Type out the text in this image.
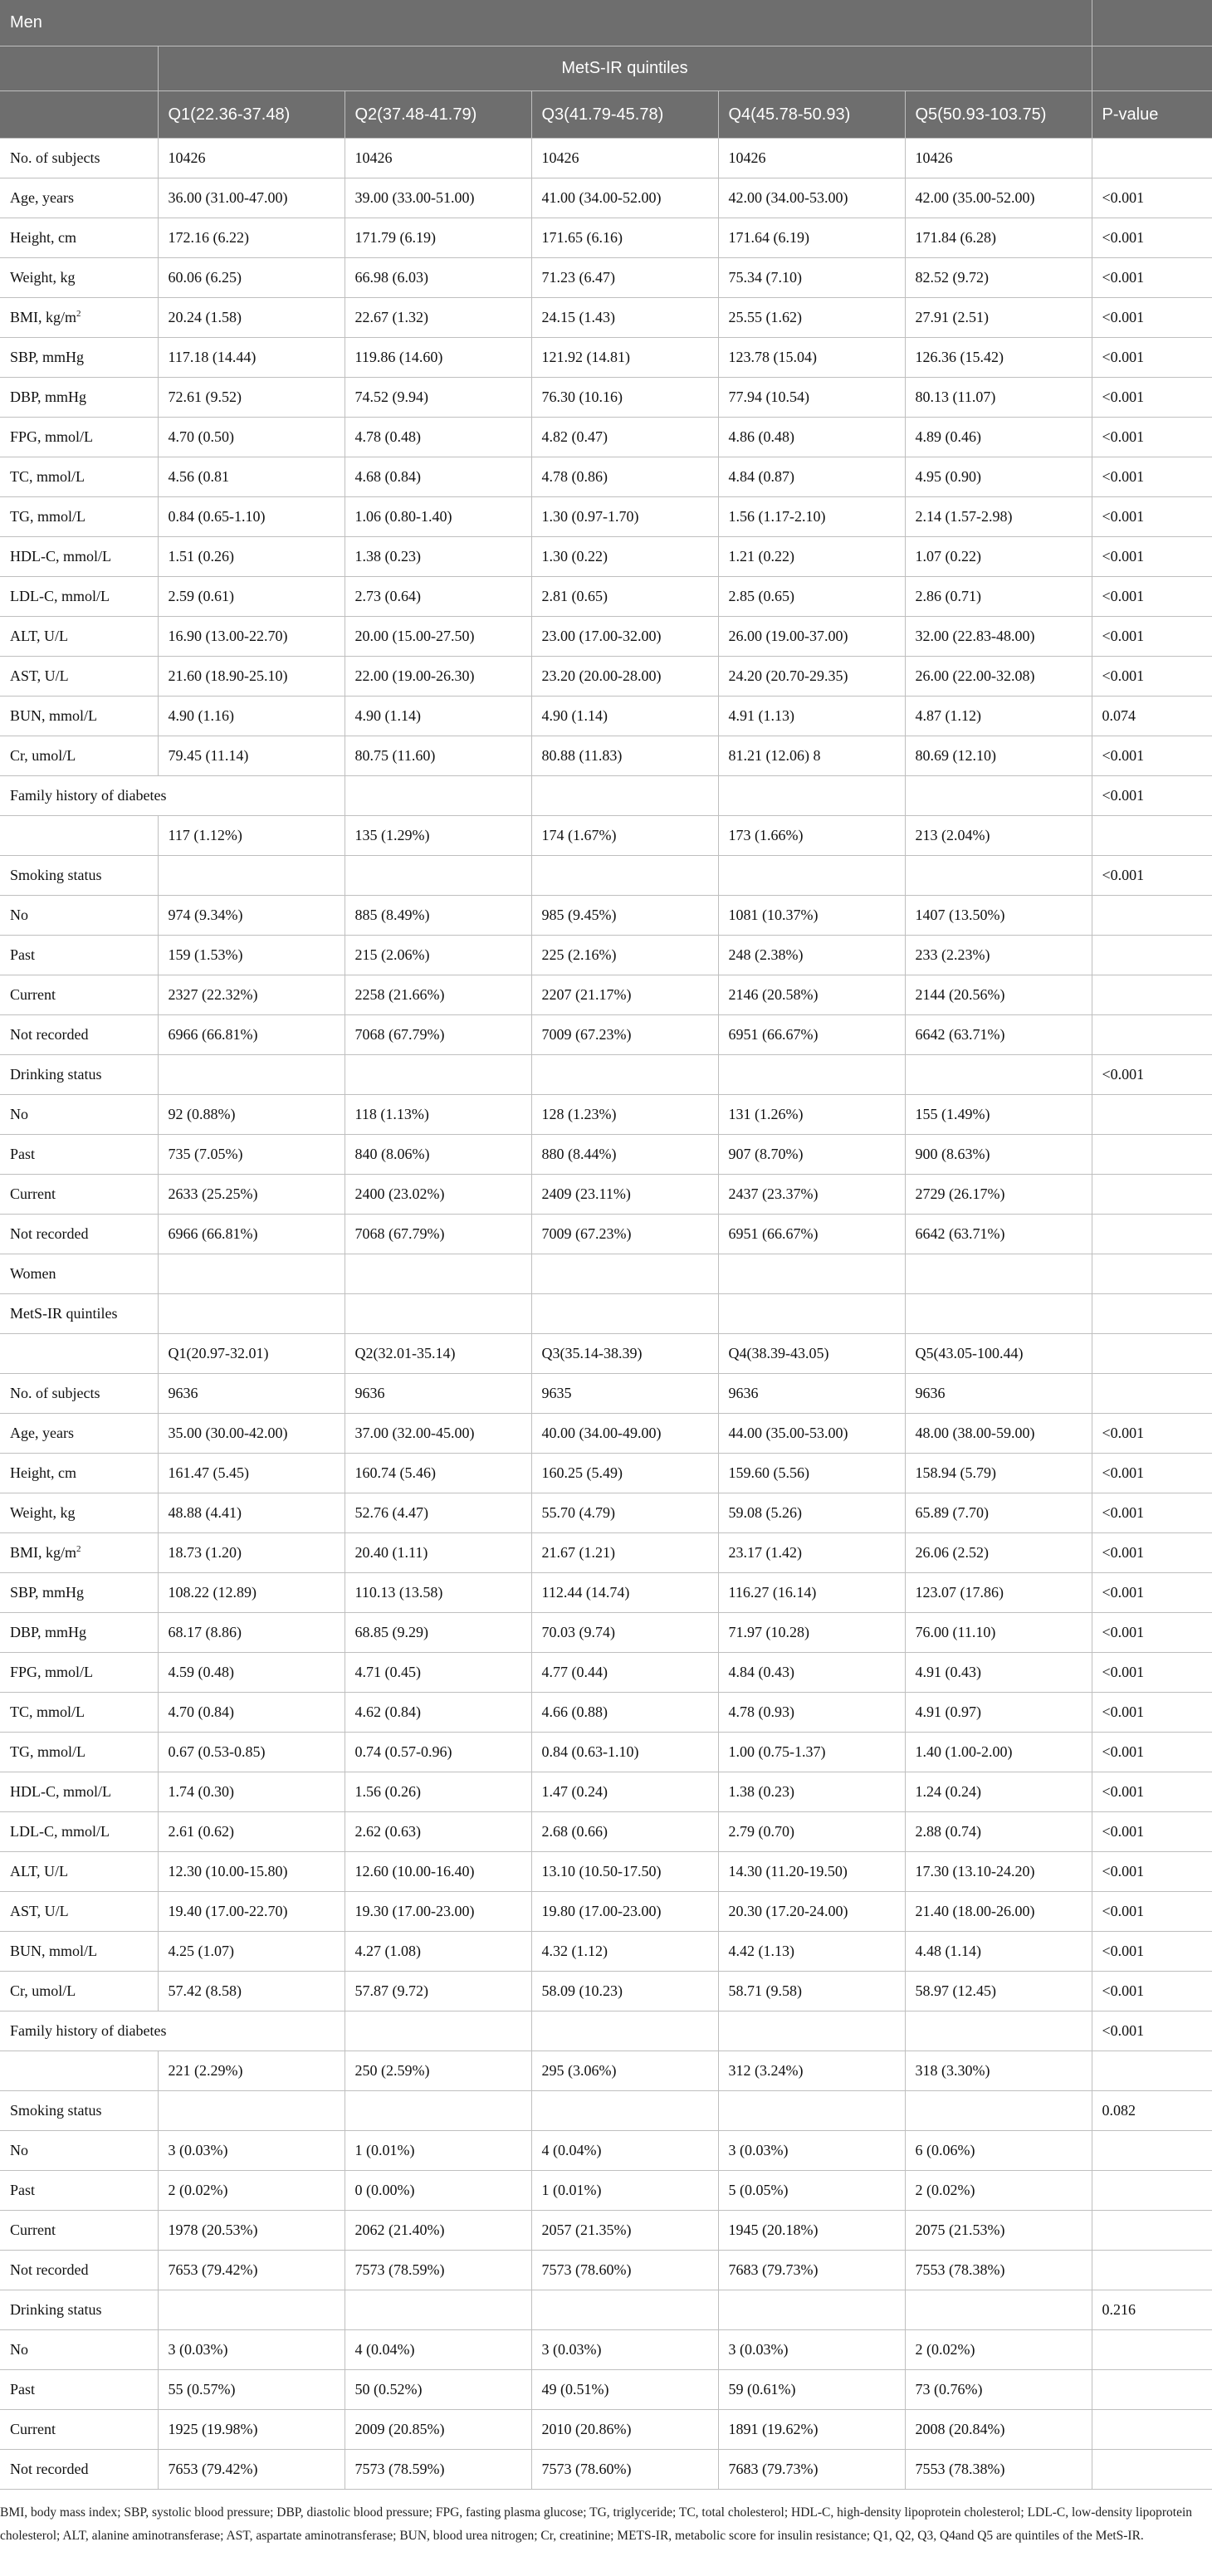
Men						
	MetS-IR quintiles					
	Q1(22.36-37.48)	Q2(37.48-41.79)	Q3(41.79-45.78)	Q4(45.78-50.93)	Q5(50.93-103.75)	P-value
No. of subjects	10426	10426	10426	10426	10426	
Age, years	36.00 (31.00-47.00)	39.00 (33.00-51.00)	41.00 (34.00-52.00)	42.00 (34.00-53.00)	42.00 (35.00-52.00)	<0.001
Height, cm	172.16 (6.22)	171.79 (6.19)	171.65 (6.16)	171.64 (6.19)	171.84 (6.28)	<0.001
Weight, kg	60.06 (6.25)	66.98 (6.03)	71.23 (6.47)	75.34 (7.10)	82.52 (9.72)	<0.001
BMI, $kg/m^2$	20.24 (1.58)	22.67 (1.32)	24.15 (1.43)	25.55 (1.62)	27.91 (2.51)	<0.001
SBP, mmHg	117.18 (14.44)	119.86 (14.60)	121.92 (14.81)	123.78 (15.04)	126.36 (15.42)	<0.001
DBP, mmHg	72.61 (9.52)	74.52 (9.94)	76.30 (10.16)	77.94 (10.54)	80.13 (11.07)	<0.001
FPG, mmol/L	4.70 (0.50)	4.78 (0.48)	4.82 (0.47)	4.86 (0.48)	4.89 (0.46)	<0.001
TC, mmol/L	4.56 (0.81	4.68 (0.84)	4.78 (0.86)	4.84 (0.87)	4.95 (0.90)	<0.001
TG, mmol/L	0.84 (0.65-1.10)	1.06 (0.80-1.40)	1.30 (0.97-1.70)	1.56 (1.17-2.10)	2.14 (1.57-2.98)	<0.001
HDL-C, mmol/L	1.51 (0.26)	1.38 (0.23)	1.30 (0.22)	1.21 (0.22)	1.07 (0.22)	<0.001
LDL-C, mmol/L	2.59 (0.61)	2.73 (0.64)	2.81 (0.65)	2.85 (0.65)	2.86 (0.71)	<0.001
ALT, U/L	16.90 (13.00-22.70)	20.00 (15.00-27.50)	23.00 (17.00-32.00)	26.00 (19.00-37.00)	32.00 (22.83-48.00)	<0.001
AST, U/L	21.60 (18.90-25.10)	22.00 (19.00-26.30)	23.20 (20.00-28.00)	24.20 (20.70-29.35)	26.00 (22.00-32.08)	<0.001
BUN, mmol/L	4.90 (1.16)	4.90 (1.14)	4.90 (1.14)	4.91 (1.13)	4.87 (1.12)	0.074
Cr, umol/L	79.45 (11.14)	80.75 (11.60)	80.88 (11.83)	81.21 (12.06) 8	80.69 (12.10)	<0.001
Family history of diabetes						<0.001
	117 (1.12%)	135 (1.29%)	174 (1.67%)	173 (1.66%)	213 (2.04%)	
Smoking status						<0.001
No	974 (9.34%)	885 (8.49%)	985 (9.45%)	1081 (10.37%)	1407 (13.50%)	
Past	159 (1.53%)	215 (2.06%)	225 (2.16%)	248 (2.38%)	233 (2.23%)	
Current	2327 (22.32%)	2258 (21.66%)	2207 (21.17%)	2146 (20.58%)	2144 (20.56%)	
Not recorded	6966 (66.81%)	7068 (67.79%)	7009 (67.23%)	6951 (66.67%)	6642 (63.71%)	
Drinking status						<0.001
No	92 (0.88%)	118 (1.13%)	128 (1.23%)	131 (1.26%)	155 (1.49%)	
Past	735 (7.05%)	840 (8.06%)	880 (8.44%)	907 (8.70%)	900 (8.63%)	
Current	2633 (25.25%)	2400 (23.02%)	2409 (23.11%)	2437 (23.37%)	2729 (26.17%)	
Not recorded	6966 (66.81%)	7068 (67.79%)	7009 (67.23%)	6951 (66.67%)	6642 (63.71%)	
Women						
MetS-IR quintiles						
	Q1(20.97-32.01)	Q2(32.01-35.14)	Q3(35.14-38.39)	Q4(38.39-43.05)	Q5(43.05-100.44)	
No. of subjects	9636	9636	9635	9636	9636	
Age, years	35.00 (30.00-42.00)	37.00 (32.00-45.00)	40.00 (34.00-49.00)	44.00 (35.00-53.00)	48.00 (38.00-59.00)	<0.001
Height, cm	161.47 (5.45)	160.74 (5.46)	160.25 (5.49)	159.60 (5.56)	158.94 (5.79)	<0.001
Weight, kg	48.88 (4.41)	52.76 (4.47)	55.70 (4.79)	59.08 (5.26)	65.89 (7.70)	<0.001
BMI, $kg/m^2$	18.73 (1.20)	20.40 (1.11)	21.67 (1.21)	23.17 (1.42)	26.06 (2.52)	<0.001
SBP, mmHg	108.22 (12.89)	110.13 (13.58)	112.44 (14.74)	116.27 (16.14)	123.07 (17.86)	<0.001
DBP, mmHg	68.17 (8.86)	68.85 (9.29)	70.03 (9.74)	71.97 (10.28)	76.00 (11.10)	<0.001
FPG, mmol/L	4.59 (0.48)	4.71 (0.45)	4.77 (0.44)	4.84 (0.43)	4.91 (0.43)	<0.001
TC, mmol/L	4.70 (0.84)	4.62 (0.84)	4.66 (0.88)	4.78 (0.93)	4.91 (0.97)	<0.001
TG, mmol/L	0.67 (0.53-0.85)	0.74 (0.57-0.96)	0.84 (0.63-1.10)	1.00 (0.75-1.37)	1.40 (1.00-2.00)	<0.001
HDL-C, mmol/L	1.74 (0.30)	1.56 (0.26)	1.47 (0.24)	1.38 (0.23)	1.24 (0.24)	<0.001
LDL-C, mmol/L	2.61 (0.62)	2.62 (0.63)	2.68 (0.66)	2.79 (0.70)	2.88 (0.74)	<0.001
ALT, U/L	12.30 (10.00-15.80)	12.60 (10.00-16.40)	13.10 (10.50-17.50)	14.30 (11.20-19.50)	17.30 (13.10-24.20)	<0.001
AST, U/L	19.40 (17.00-22.70)	19.30 (17.00-23.00)	19.80 (17.00-23.00)	20.30 (17.20-24.00)	21.40 (18.00-26.00)	<0.001
BUN, mmol/L	4.25 (1.07)	4.27 (1.08)	4.32 (1.12)	4.42 (1.13)	4.48 (1.14)	<0.001
Cr, umol/L	57.42 (8.58)	57.87 (9.72)	58.09 (10.23)	58.71 (9.58)	58.97 (12.45)	<0.001
Family history of diabetes						<0.001
	221 (2.29%)	250 (2.59%)	295 (3.06%)	312 (3.24%)	318 (3.30%)	
Smoking status						0.082
No	3 (0.03%)	1 (0.01%)	4 (0.04%)	3 (0.03%)	6 (0.06%)	
Past	2 (0.02%)	0 (0.00%)	1 (0.01%)	5 (0.05%)	2 (0.02%)	
Current	1978 (20.53%)	2062 (21.40%)	2057 (21.35%)	1945 (20.18%)	2075 (21.53%)	
Not recorded	7653 (79.42%)	7573 (78.59%)	7573 (78.60%)	7683 (79.73%)	7553 (78.38%)	
Drinking status						0.216
No	3 (0.03%)	4 (0.04%)	3 (0.03%)	3 (0.03%)	2 (0.02%)	
Past	55 (0.57%)	50 (0.52%)	49 (0.51%)	59 (0.61%)	73 (0.76%)	
Current	1925 (19.98%)	2009 (20.85%)	2010 (20.86%)	1891 (19.62%)	2008 (20.84%)	
Not recorded	7653 (79.42%)	7573 (78.59%)	7573 (78.60%)	7683 (79.73%)	7553 (78.38%)	
BMI, body mass index; SBP, systolic blood pressure; DBP, diastolic blood pressure; FPG, fasting plasma glucose; TG, triglyceride; TC, total cholesterol; HDL-C, high-density lipoprotein cholesterol; LDL-C, low-density lipoprotein cholesterol; ALT, alanine aminotransferase; AST, aspartate aminotransferase; BUN, blood urea nitrogen; Cr, creatinine; METS-IR, metabolic score for insulin resistance; Q1, Q2, Q3, Q4and Q5 are quintiles of the MetS-IR.
